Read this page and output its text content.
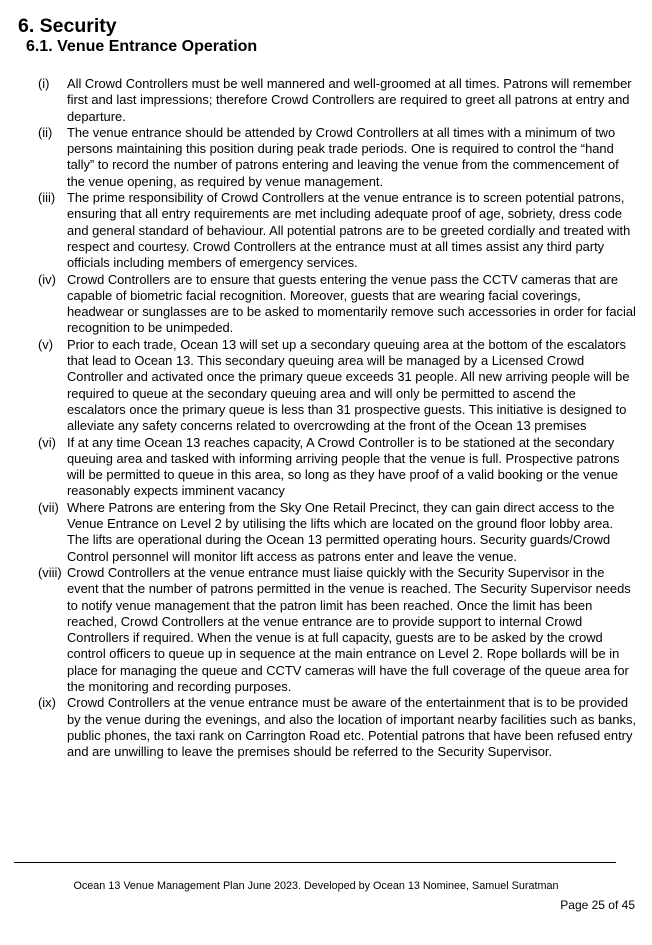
6. Security
6.1. Venue Entrance Operation
(i)	All Crowd Controllers must be well mannered and well-groomed at all times. Patrons will remember first and last impressions; therefore Crowd Controllers are required to greet all patrons at entry and departure.
(ii)	The venue entrance should be attended by Crowd Controllers at all times with a minimum of two persons maintaining this position during peak trade periods. One is required to control the “hand tally” to record the number of patrons entering and leaving the venue from the commencement of the venue opening, as required by venue management.
(iii) The prime responsibility of Crowd Controllers at the venue entrance is to screen potential patrons, ensuring that all entry requirements are met including adequate proof of age, sobriety, dress code and general standard of behaviour. All potential patrons are to be greeted cordially and treated with respect and courtesy. Crowd Controllers at the entrance must at all times assist any third party officials including members of emergency services.
(iv) Crowd Controllers are to ensure that guests entering the venue pass the CCTV cameras that are capable of biometric facial recognition. Moreover, guests that are wearing facial coverings, headwear or sunglasses are to be asked to momentarily remove such accessories in order for facial recognition to be unimpeded.
(v)	Prior to each trade, Ocean 13 will set up a secondary queuing area at the bottom of the escalators that lead to Ocean 13. This secondary queuing area will be managed by a Licensed Crowd Controller and activated once the primary queue exceeds 31 people. All new arriving people will be required to queue at the secondary queuing area and will only be permitted to ascend the escalators once the primary queue is less than 31 prospective guests. This initiative is designed to alleviate any safety concerns related to overcrowding at the front of the Ocean 13 premises
(vi) If at any time Ocean 13 reaches capacity, A Crowd Controller is to be stationed at the secondary queuing area and tasked with informing arriving people that the venue is full. Prospective patrons will be permitted to queue in this area, so long as they have proof of a valid booking or the venue reasonably expects imminent vacancy
(vii) Where Patrons are entering from the Sky One Retail Precinct, they can gain direct access to the Venue Entrance on Level 2 by utilising the lifts which are located on the ground floor lobby area. The lifts are operational during the Ocean 13 permitted operating hours. Security guards/Crowd Control personnel will monitor lift access as patrons enter and leave the venue.
(viii) Crowd Controllers at the venue entrance must liaise quickly with the Security Supervisor in the event that the number of patrons permitted in the venue is reached. The Security Supervisor needs to notify venue management that the patron limit has been reached. Once the limit has been reached, Crowd Controllers at the venue entrance are to provide support to internal Crowd Controllers if required. When the venue is at full capacity, guests are to be asked by the crowd control officers to queue up in sequence at the main entrance on Level 2. Rope bollards will be in place for managing the queue and CCTV cameras will have the full coverage of the queue area for the monitoring and recording purposes.
(ix) Crowd Controllers at the venue entrance must be aware of the entertainment that is to be provided by the venue during the evenings, and also the location of important nearby facilities such as banks, public phones, the taxi rank on Carrington Road etc. Potential patrons that have been refused entry and are unwilling to leave the premises should be referred to the Security Supervisor.
Ocean 13 Venue Management Plan June 2023. Developed by Ocean 13 Nominee, Samuel Suratman
Page 25 of 45
